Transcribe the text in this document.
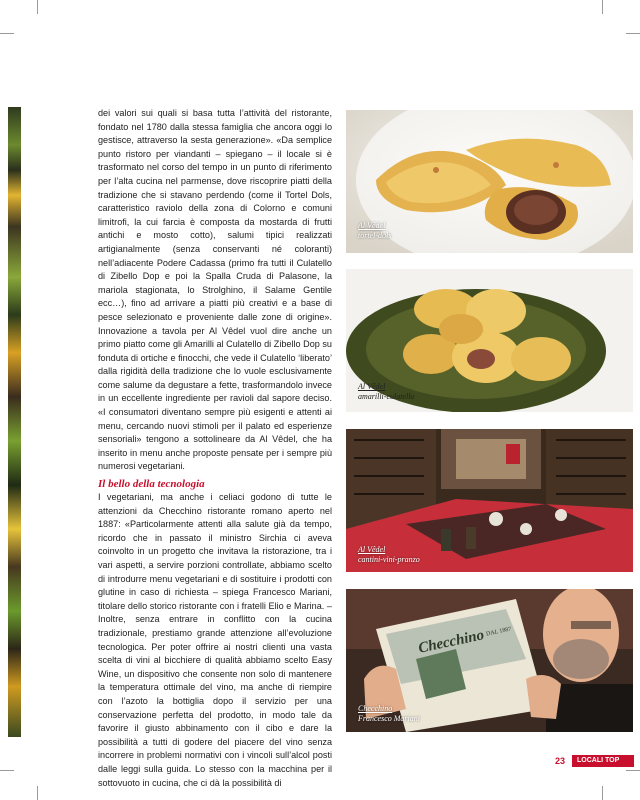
dei valori sui quali si basa tutta l’attività del ristorante, fondato nel 1780 dalla stessa famiglia che ancora oggi lo gestisce, attraverso la sesta generazione». «Da semplice punto ristoro per viandanti – spiegano – il locale si è trasformato nel corso del tempo in un punto di riferimento per l’alta cucina nel parmense, dove riscoprire piatti della tradizione che si stavano perdendo (come il Tortel Dols, caratteristico raviolo della zona di Colorno e comuni limitrofi, la cui farcia è composta da mostarda di frutti antichi e mosto cotto), salumi tipici realizzati artigianalmente (senza conservanti né coloranti) nell’adiacente Podere Cadassa (primo fra tutti il Culatello di Zibello Dop e poi la Spalla Cruda di Palasone, la mariola stagionata, lo Strolghino, il Salame Gentile ecc…), fino ad arrivare a piatti più creativi e a base di pesce selezionato e proveniente dalle zone di origine». Innovazione a tavola per Al Vêdel vuol dire anche un primo piatto come gli Amarilli al Culatello di Zibello Dop su fonduta di ortiche e finocchi, che vede il Culatello ‘liberato’ dalla rigidità della tradizione che lo vuole esclusivamente come salume da degustare a fette, trasformandolo invece in un eccellente ingrediente per ravioli dal sapore deciso. «I consumatori diventano sempre più esigenti e attenti ai menu, cercando nuovi stimoli per il palato ed esperienze sensoriali» tengono a sottolineare da Al Vêdel, che ha inserito in menu anche proposte pensate per i sempre più numerosi vegetariani.

Il bello della tecnologia

I vegetariani, ma anche i celiaci godono di tutte le attenzioni da Checchino ristorante romano aperto nel 1887: «Particolarmente attenti alla salute già da tempo, ricordo che in passato il ministro Sirchia ci aveva coinvolto in un progetto che invitava la ristorazione, tra i vari aspetti, a servire porzioni controllate, abbiamo scelto di introdurre menu vegetariani e di sostituire i prodotti con glutine in caso di richiesta – spiega Francesco Mariani, titolare dello storico ristorante con i fratelli Elio e Marina. – Inoltre, senza entrare in conflitto con la cucina tradizionale, prestiamo grande attenzione all’evoluzione tecnologica. Per poter offrire ai nostri clienti una vasta scelta di vini al bicchiere di qualità abbiamo scelto Easy Wine, un dispositivo che consente non solo di mantenere la temperatura ottimale del vino, ma anche di riempire con l’azoto la bottiglia dopo il servizio per una conservazione perfetta del prodotto, in modo tale da favorire il giusto abbinamento con il cibo e dare la possibilità a tutti di godere del piacere del vino senza incorrere in problemi normativi con i vincoli sull’alcol posti dalle leggi sulla guida. Lo stesso con la macchina per il sottovuoto in cucina, che ci dà la possibilità di

Al Vêdel
tortel-dols
Al Vêdel
amarilli-culatello
Al Vêdel
cantini-vini-pranzo
Checchino DAL 1887
Checchino
Francesco Mariani
23	LOCALI TOP
